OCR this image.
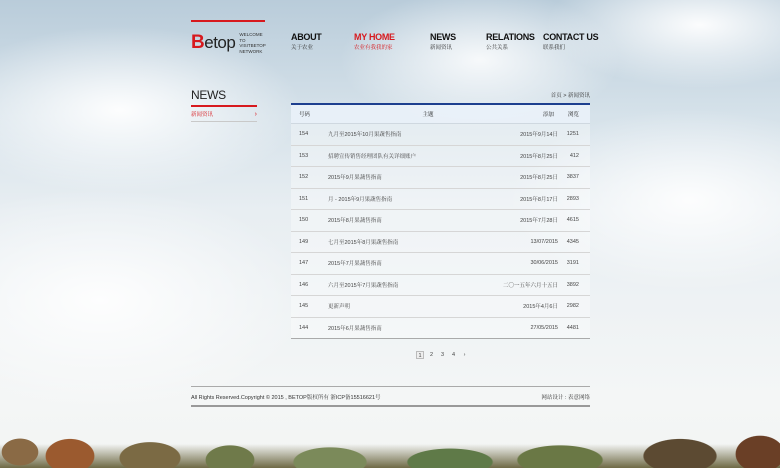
Betop WELCOME
TO VISITBETOP
NETWORK
ABOUT
关于农业
MY HOME
农业有我我的家
NEWS
新闻资讯
RELATIONS
公共关系
CONTACT US
联系我们
NEWS
新闻资讯	›
首页 > 新闻资讯
号码	主题	添加	浏览
154	九月至2015年10月果蔬售指南	2015年9月14日	1251
153	招聘宣传销售经理团队有关详细账户	2015年8月25日	412
152	2015年9月果蔬售指南	2015年8月25日	3837
151	月 - 2015年9月果蔬售指南	2015年8月17日	2893
150	2015年8月果蔬售指南	2015年7月28日	4615
149	七月至2015年8月果蔬售指南	13/07/2015	4345
147	2015年7月果蔬售指南	30/06/2015	3191
146	六月至2015年7月果蔬售指南	二〇一五年六月十五日	3892
145	更新声明	2015年4月6日	2982
144	2015年6月果蔬售指南	27/05/2015	4481
1	2	3	4	›
All Rights Reserved.Copyright © 2015 , BETOP版权所有 浙ICP备15516621号	网站设计 : 表意网络
